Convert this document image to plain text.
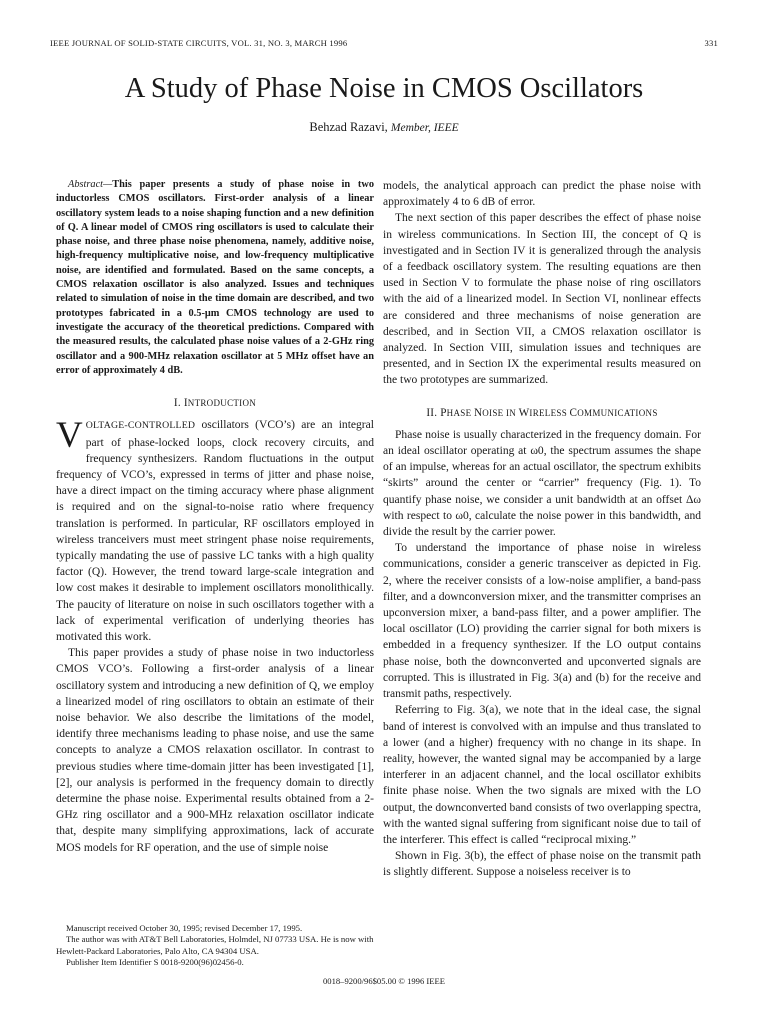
IEEE JOURNAL OF SOLID-STATE CIRCUITS, VOL. 31, NO. 3, MARCH 1996	331
A Study of Phase Noise in CMOS Oscillators
Behzad Razavi, Member, IEEE

Abstract—This paper presents a study of phase noise in two inductorless CMOS oscillators. First-order analysis of a linear oscillatory system leads to a noise shaping function and a new definition of Q. A linear model of CMOS ring oscillators is used to calculate their phase noise, and three phase noise phenomena, namely, additive noise, high-frequency multiplicative noise, and low-frequency multiplicative noise, are identified and formulated. Based on the same concepts, a CMOS relaxation oscillator is also analyzed. Issues and techniques related to simulation of noise in the time domain are described, and two prototypes fabricated in a 0.5-μm CMOS technology are used to investigate the accuracy of the theoretical predictions. Compared with the measured results, the calculated phase noise values of a 2-GHz ring oscillator and a 900-MHz relaxation oscillator at 5 MHz offset have an error of approximately 4 dB.

I. INTRODUCTION

VOLTAGE-CONTROLLED oscillators (VCO’s) are an integral part of phase-locked loops, clock recovery circuits, and frequency synthesizers. Random fluctuations in the output frequency of VCO’s, expressed in terms of jitter and phase noise, have a direct impact on the timing accuracy where phase alignment is required and on the signal-to-noise ratio where frequency translation is performed. In particular, RF oscillators employed in wireless tranceivers must meet stringent phase noise requirements, typically mandating the use of passive LC tanks with a high quality factor (Q). However, the trend toward large-scale integration and low cost makes it desirable to implement oscillators monolithically. The paucity of literature on noise in such oscillators together with a lack of experimental verification of underlying theories has motivated this work.

This paper provides a study of phase noise in two inductorless CMOS VCO’s. Following a first-order analysis of a linear oscillatory system and introducing a new definition of Q, we employ a linearized model of ring oscillators to obtain an estimate of their noise behavior. We also describe the limitations of the model, identify three mechanisms leading to phase noise, and use the same concepts to analyze a CMOS relaxation oscillator. In contrast to previous studies where time-domain jitter has been investigated [1], [2], our analysis is performed in the frequency domain to directly determine the phase noise. Experimental results obtained from a 2-GHz ring oscillator and a 900-MHz relaxation oscillator indicate that, despite many simplifying approximations, lack of accurate MOS models for RF operation, and the use of simple noise

models, the analytical approach can predict the phase noise with approximately 4 to 6 dB of error.

The next section of this paper describes the effect of phase noise in wireless communications. In Section III, the concept of Q is investigated and in Section IV it is generalized through the analysis of a feedback oscillatory system. The resulting equations are then used in Section V to formulate the phase noise of ring oscillators with the aid of a linearized model. In Section VI, nonlinear effects are considered and three mechanisms of noise generation are described, and in Section VII, a CMOS relaxation oscillator is analyzed. In Section VIII, simulation issues and techniques are presented, and in Section IX the experimental results measured on the two prototypes are summarized.

II. PHASE NOISE IN WIRELESS COMMUNICATIONS

Phase noise is usually characterized in the frequency domain. For an ideal oscillator operating at ω0, the spectrum assumes the shape of an impulse, whereas for an actual oscillator, the spectrum exhibits “skirts” around the center or “carrier” frequency (Fig. 1). To quantify phase noise, we consider a unit bandwidth at an offset Δω with respect to ω0, calculate the noise power in this bandwidth, and divide the result by the carrier power.

To understand the importance of phase noise in wireless communications, consider a generic transceiver as depicted in Fig. 2, where the receiver consists of a low-noise amplifier, a band-pass filter, and a downconversion mixer, and the transmitter comprises an upconversion mixer, a band-pass filter, and a power amplifier. The local oscillator (LO) providing the carrier signal for both mixers is embedded in a frequency synthesizer. If the LO output contains phase noise, both the downconverted and upconverted signals are corrupted. This is illustrated in Fig. 3(a) and (b) for the receive and transmit paths, respectively.

Referring to Fig. 3(a), we note that in the ideal case, the signal band of interest is convolved with an impulse and thus translated to a lower (and a higher) frequency with no change in its shape. In reality, however, the wanted signal may be accompanied by a large interferer in an adjacent channel, and the local oscillator exhibits finite phase noise. When the two signals are mixed with the LO output, the downconverted band consists of two overlapping spectra, with the wanted signal suffering from significant noise due to tail of the interferer. This effect is called “reciprocal mixing.”

Shown in Fig. 3(b), the effect of phase noise on the transmit path is slightly different. Suppose a noiseless receiver is to

Manuscript received October 30, 1995; revised December 17, 1995.

The author was with AT&T Bell Laboratories, Holmdel, NJ 07733 USA. He is now with Hewlett-Packard Laboratories, Palo Alto, CA 94304 USA.

Publisher Item Identifier S 0018-9200(96)02456-0.

0018–9200/96$05.00 © 1996 IEEE
